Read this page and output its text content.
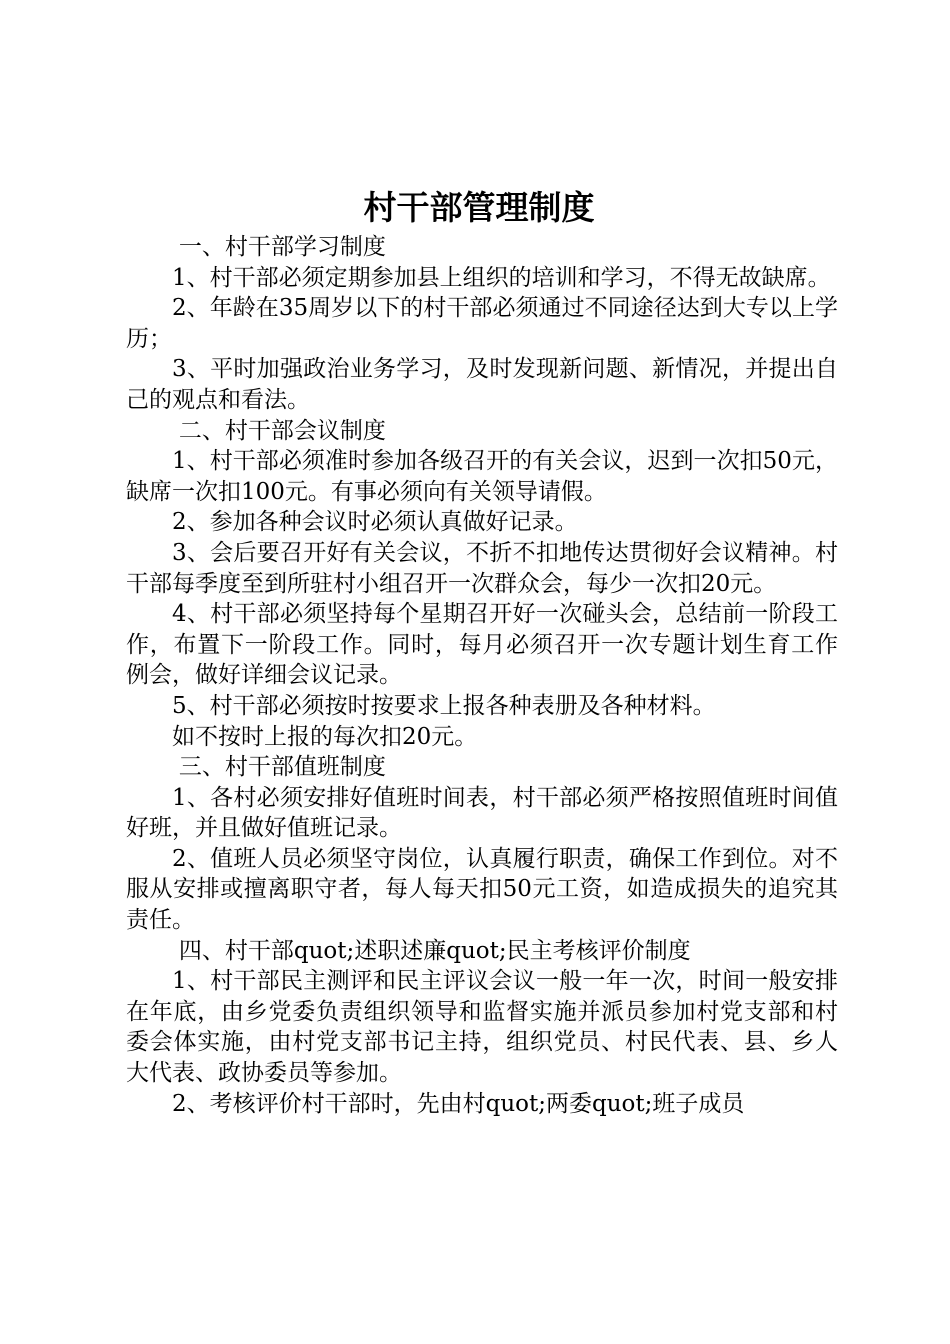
村干部管理制度

一、村干部学习制度

1、村干部必须定期参加县上组织的培训和学习，不得无故缺席。

2、年龄在35周岁以下的村干部必须通过不同途径达到大专以上学历；

3、平时加强政治业务学习，及时发现新问题、新情况，并提出自己的观点和看法。

二、村干部会议制度

1、村干部必须准时参加各级召开的有关会议，迟到一次扣50元，缺席一次扣100元。有事必须向有关领导请假。

2、参加各种会议时必须认真做好记录。

3、会后要召开好有关会议，不折不扣地传达贯彻好会议精神。村干部每季度至到所驻村小组召开一次群众会，每少一次扣20元。

4、村干部必须坚持每个星期召开好一次碰头会，总结前一阶段工作，布置下一阶段工作。同时，每月必须召开一次专题计划生育工作例会，做好详细会议记录。

5、村干部必须按时按要求上报各种表册及各种材料。

如不按时上报的每次扣20元。

三、村干部值班制度

1、各村必须安排好值班时间表，村干部必须严格按照值班时间值好班，并且做好值班记录。

2、值班人员必须坚守岗位，认真履行职责，确保工作到位。对不服从安排或擅离职守者，每人每天扣50元工资，如造成损失的追究其责任。

四、村干部quot;述职述廉quot;民主考核评价制度

1、村干部民主测评和民主评议会议一般一年一次，时间一般安排在年底，由乡党委负责组织领导和监督实施并派员参加村党支部和村委会体实施，由村党支部书记主持，组织党员、村民代表、县、乡人大代表、政协委员等参加。

2、考核评价村干部时，先由村quot;两委quot;班子成员
